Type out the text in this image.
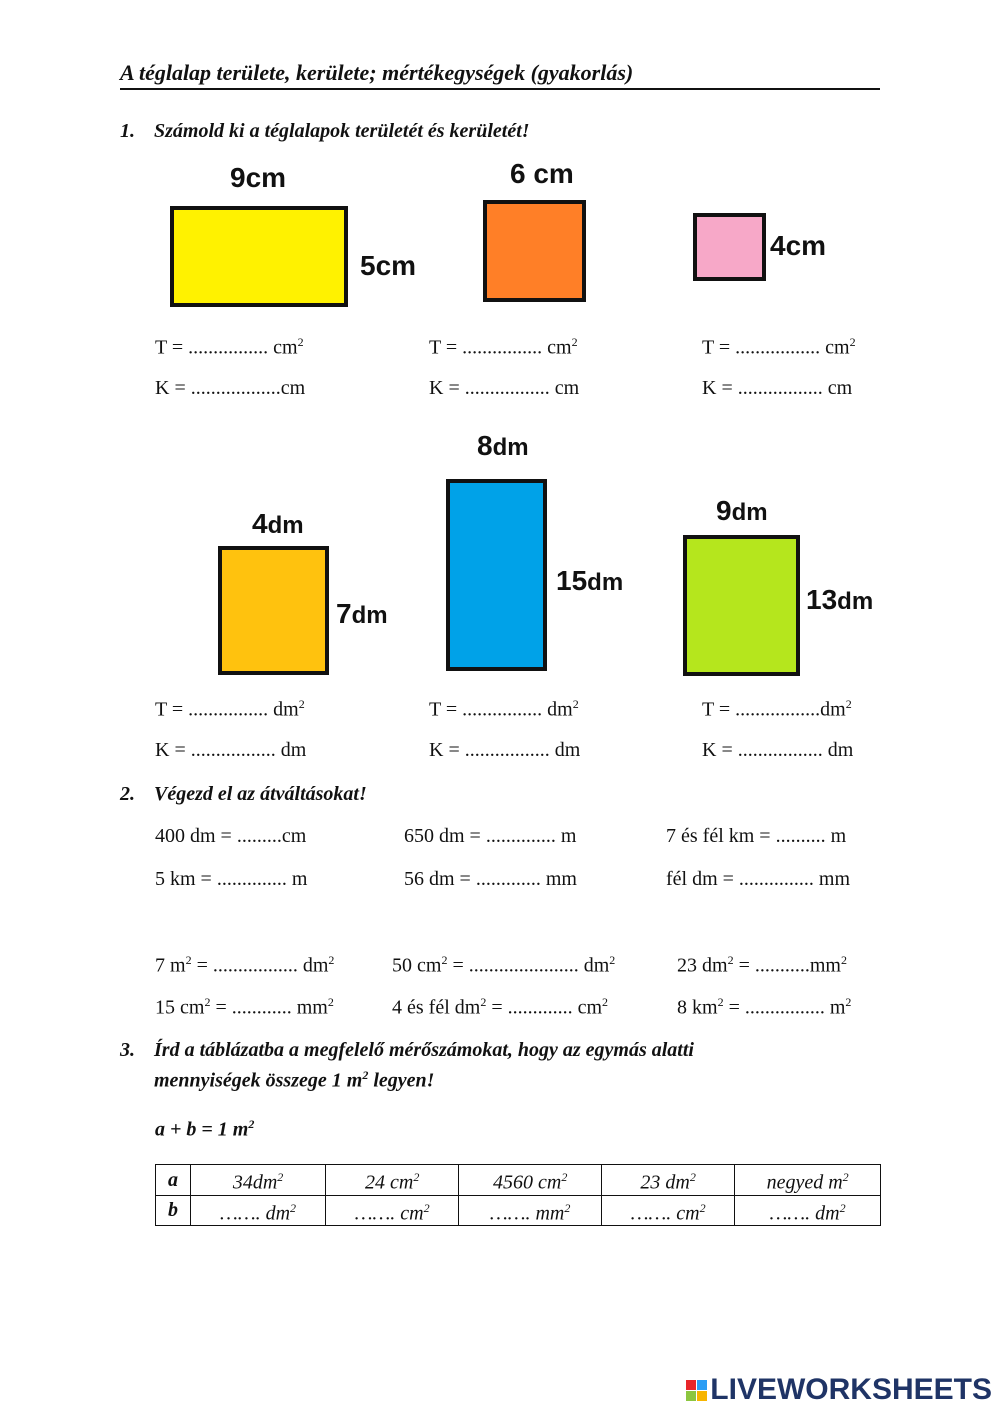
A téglalap területe, kerülete; mértékegységek (gyakorlás)
1. Számold ki a téglalapok területét és kerületét!
9cm
5cm
6 cm
4cm
T = ................ $cm^2$
K = ..................cm
T = ................ $cm^2$
K = ................. cm
T = ................. $cm^2$
K = ................. cm
4dm
7dm
8dm
15dm
9dm
13dm
T = ................ $dm^2$
K = ................. dm
T = ................ $dm^2$
K = ................. dm
$T = .................dm^2$
K = ................. dm
2. Végezd el az átváltásokat!
400 dm = .........cm	650 dm = .............. m	7 és fél km = .......... m
5 km = .............. m	56 dm = ............. mm	fél dm = ............... mm
7 $m^2$ = ................. $dm^2$	50 $cm^2$ = ...................... $dm^2$	23 $dm^2 = ...........mm^2$
15 $cm^2$ = ............ $mm^2$	4 és fél $dm^2$ = ............. $cm^2$	8 $km^2$ = ................ $m^2$
3. Írd a táblázatba a megfelelő mérőszámokat, hogy az egymás alatti
mennyiségek összege 1 $m^2$ legyen!
a + b = 1 $m^2$
a	$34dm^2$	24 $cm^2$	4560 $cm^2$	23 $dm^2$	negyed $m^2$
b	……. $dm^2$	……. $cm^2$	……. $mm^2$	……. $cm^2$	……. $dm^2$
LIVEWORKSHEETS
